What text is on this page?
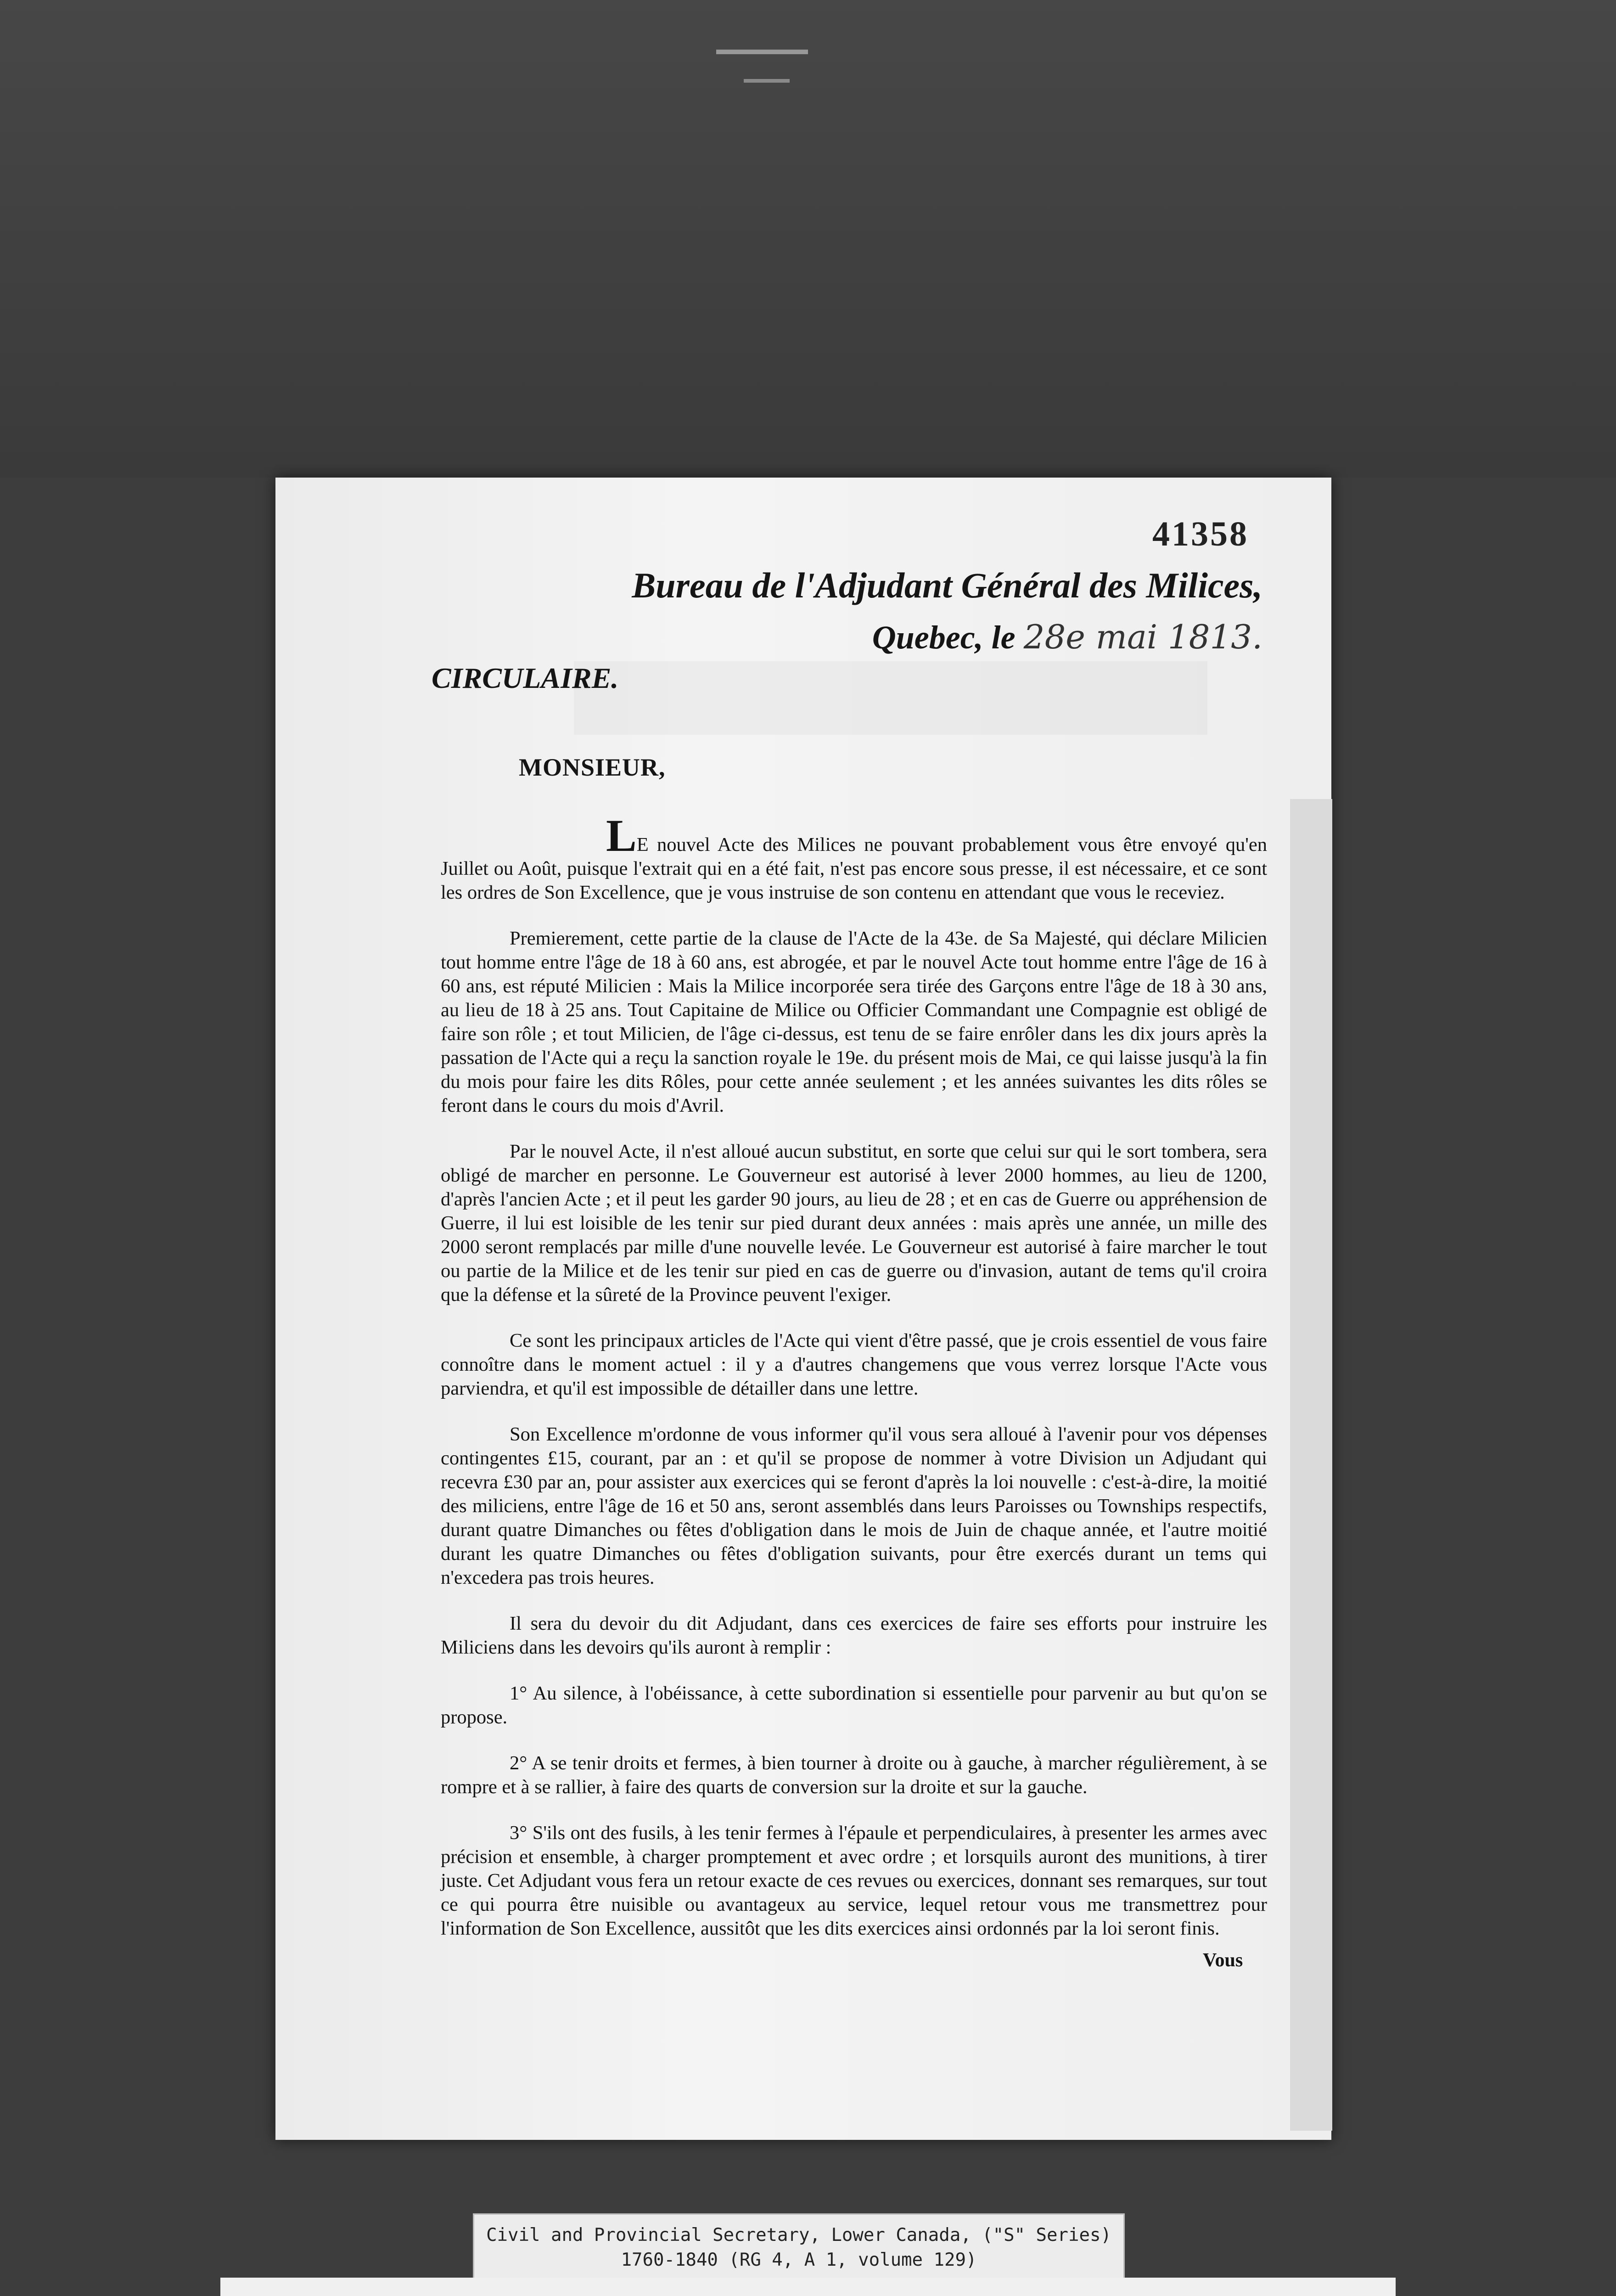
41358
Bureau de l'Adjudant Général des Milices,
Quebec, le 28e mai 1813.
CIRCULAIRE.
MONSIEUR,

LE nouvel Acte des Milices ne pouvant probablement vous être envoyé qu'en Juillet ou Août, puisque l'extrait qui en a été fait, n'est pas encore sous presse, il est nécessaire, et ce sont les ordres de Son Excellence, que je vous instruise de son contenu en attendant que vous le receviez.

Premierement, cette partie de la clause de l'Acte de la 43e. de Sa Majesté, qui déclare Milicien tout homme entre l'âge de 18 à 60 ans, est abrogée, et par le nouvel Acte tout homme entre l'âge de 16 à 60 ans, est réputé Milicien : Mais la Milice incorporée sera tirée des Garçons entre l'âge de 18 à 30 ans, au lieu de 18 à 25 ans. Tout Capitaine de Milice ou Officier Commandant une Compagnie est obligé de faire son rôle ; et tout Milicien, de l'âge ci-dessus, est tenu de se faire enrôler dans les dix jours après la passation de l'Acte qui a reçu la sanction royale le 19e. du présent mois de Mai, ce qui laisse jusqu'à la fin du mois pour faire les dits Rôles, pour cette année seulement ; et les années suivantes les dits rôles se feront dans le cours du mois d'Avril.

Par le nouvel Acte, il n'est alloué aucun substitut, en sorte que celui sur qui le sort tombera, sera obligé de marcher en personne. Le Gouverneur est autorisé à lever 2000 hommes, au lieu de 1200, d'après l'ancien Acte ; et il peut les garder 90 jours, au lieu de 28 ; et en cas de Guerre ou appréhension de Guerre, il lui est loisible de les tenir sur pied durant deux années : mais après une année, un mille des 2000 seront remplacés par mille d'une nouvelle levée. Le Gouverneur est autorisé à faire marcher le tout ou partie de la Milice et de les tenir sur pied en cas de guerre ou d'invasion, autant de tems qu'il croira que la défense et la sûreté de la Province peuvent l'exiger.

Ce sont les principaux articles de l'Acte qui vient d'être passé, que je crois essentiel de vous faire connoître dans le moment actuel : il y a d'autres changemens que vous verrez lorsque l'Acte vous parviendra, et qu'il est impossible de détailler dans une lettre.

Son Excellence m'ordonne de vous informer qu'il vous sera alloué à l'avenir pour vos dépenses contingentes £15, courant, par an : et qu'il se propose de nommer à votre Division un Adjudant qui recevra £30 par an, pour assister aux exercices qui se feront d'après la loi nouvelle : c'est-à-dire, la moitié des miliciens, entre l'âge de 16 et 50 ans, seront assemblés dans leurs Paroisses ou Townships respectifs, durant quatre Dimanches ou fêtes d'obligation dans le mois de Juin de chaque année, et l'autre moitié durant les quatre Dimanches ou fêtes d'obligation suivants, pour être exercés durant un tems qui n'excedera pas trois heures.

Il sera du devoir du dit Adjudant, dans ces exercices de faire ses efforts pour instruire les Miliciens dans les devoirs qu'ils auront à remplir :

1° Au silence, à l'obéissance, à cette subordination si essentielle pour parvenir au but qu'on se propose.

2° A se tenir droits et fermes, à bien tourner à droite ou à gauche, à marcher régulièrement, à se rompre et à se rallier, à faire des quarts de conversion sur la droite et sur la gauche.

3° S'ils ont des fusils, à les tenir fermes à l'épaule et perpendiculaires, à presenter les armes avec précision et ensemble, à charger promptement et avec ordre ; et lorsquils auront des munitions, à tirer juste. Cet Adjudant vous fera un retour exacte de ces revues ou exercices, donnant ses remarques, sur tout ce qui pourra être nuisible ou avantageux au service, lequel retour vous me transmettrez pour l'information de Son Excellence, aussitôt que les dits exercices ainsi ordonnés par la loi seront finis.

Vous
Civil and Provincial Secretary, Lower Canada, ("S" Series)
1760-1840 (RG 4, A 1, volume 129)
